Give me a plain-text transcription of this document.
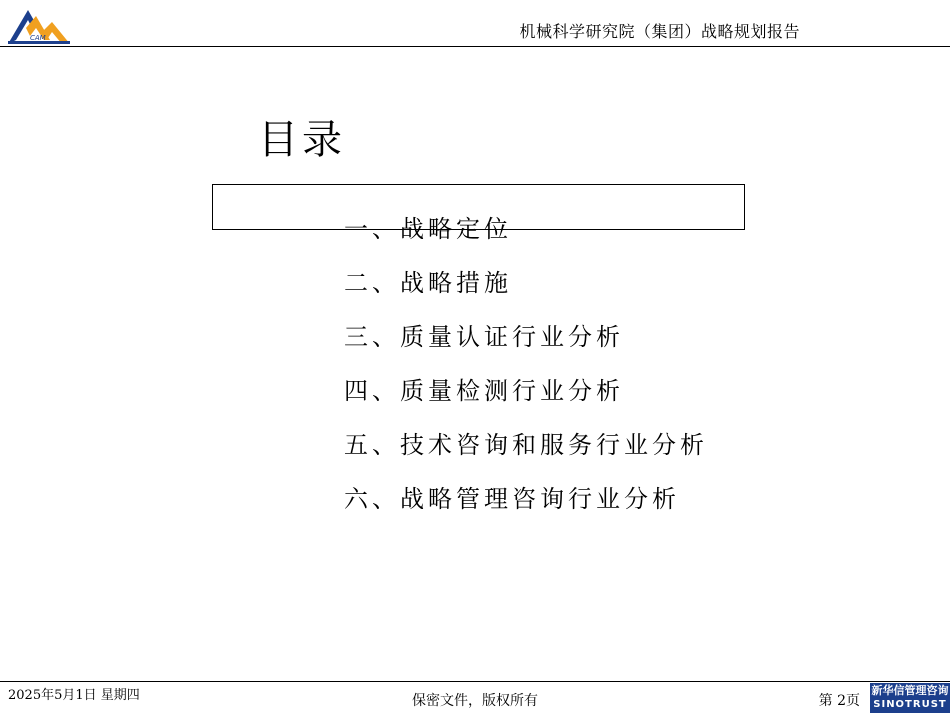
CAM	机械科学研究院（集团）战略规划报告
目录
一、战略定位
二、战略措施
三、质量认证行业分析
四、质量检测行业分析
五、技术咨询和服务行业分析
六、战略管理咨询行业分析
2025年5月1日 星期四	保密文件，版权所有	第 2页
新华信管理咨询
SINOTRUST
